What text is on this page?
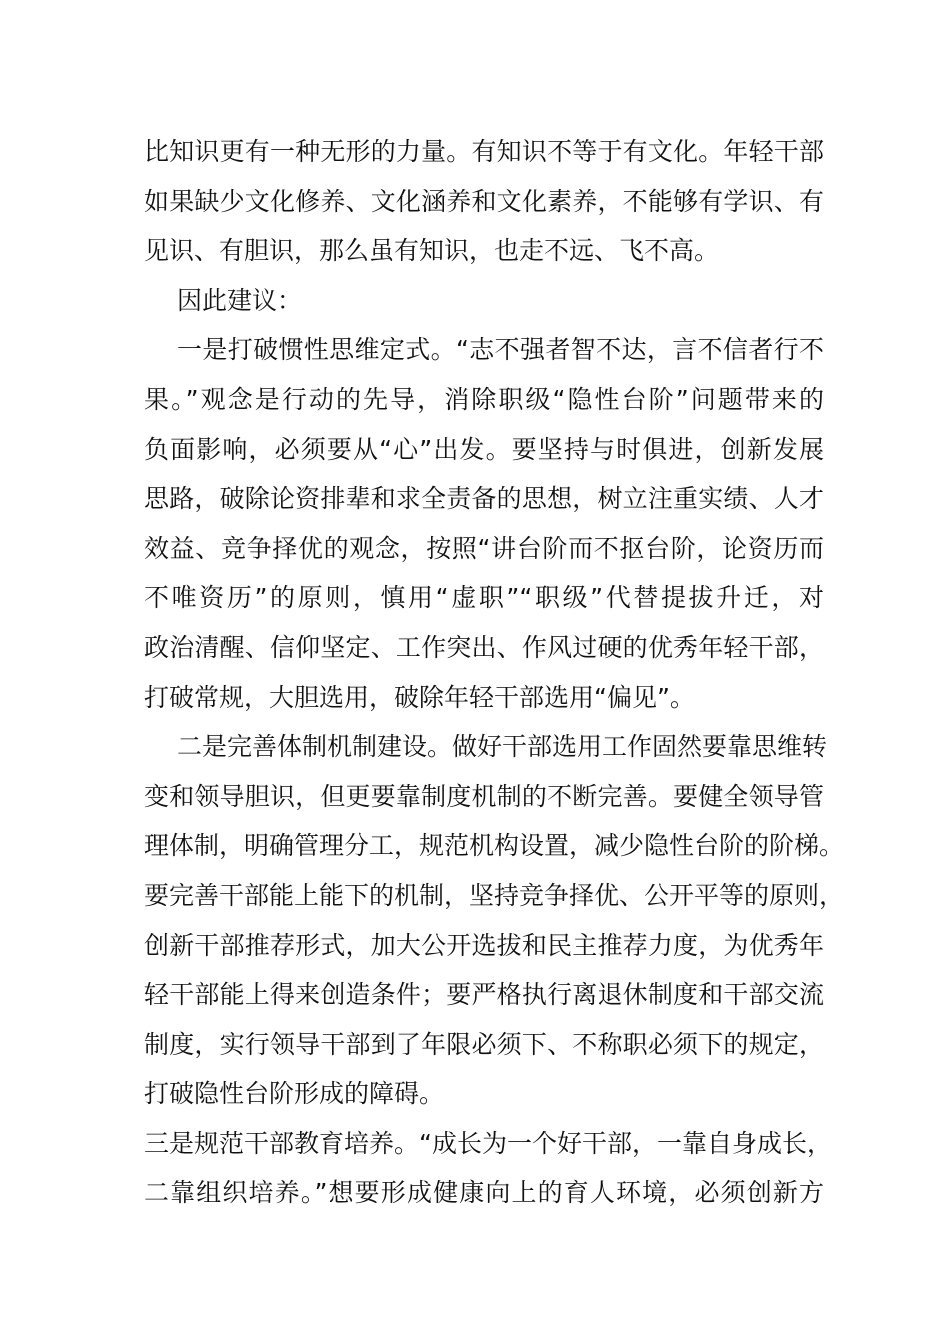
比知识更有一种无形的力量。有知识不等于有文化。年轻干部
如果缺少文化修养、文化涵养和文化素养，不能够有学识、有
见识、有胆识，那么虽有知识，也走不远、飞不高。
因此建议：
一是打破惯性思维定式。“志不强者智不达，言不信者行不
果。”观念是行动的先导，消除职级“隐性台阶”问题带来的
负面影响，必须要从“心”出发。要坚持与时俱进，创新发展
思路，破除论资排辈和求全责备的思想，树立注重实绩、人才
效益、竞争择优的观念，按照“讲台阶而不抠台阶，论资历而
不唯资历”的原则，慎用“虚职”“职级”代替提拔升迁，对
政治清醒、信仰坚定、工作突出、作风过硬的优秀年轻干部，
打破常规，大胆选用，破除年轻干部选用“偏见”。
二是完善体制机制建设。做好干部选用工作固然要靠思维转
变和领导胆识，但更要靠制度机制的不断完善。要健全领导管
理体制，明确管理分工，规范机构设置，减少隐性台阶的阶梯。
要完善干部能上能下的机制，坚持竞争择优、公开平等的原则，
创新干部推荐形式，加大公开选拔和民主推荐力度，为优秀年
轻干部能上得来创造条件；要严格执行离退休制度和干部交流
制度，实行领导干部到了年限必须下、不称职必须下的规定，
打破隐性台阶形成的障碍。
三是规范干部教育培养。“成长为一个好干部，一靠自身成长，
二靠组织培养。”想要形成健康向上的育人环境，必须创新方
